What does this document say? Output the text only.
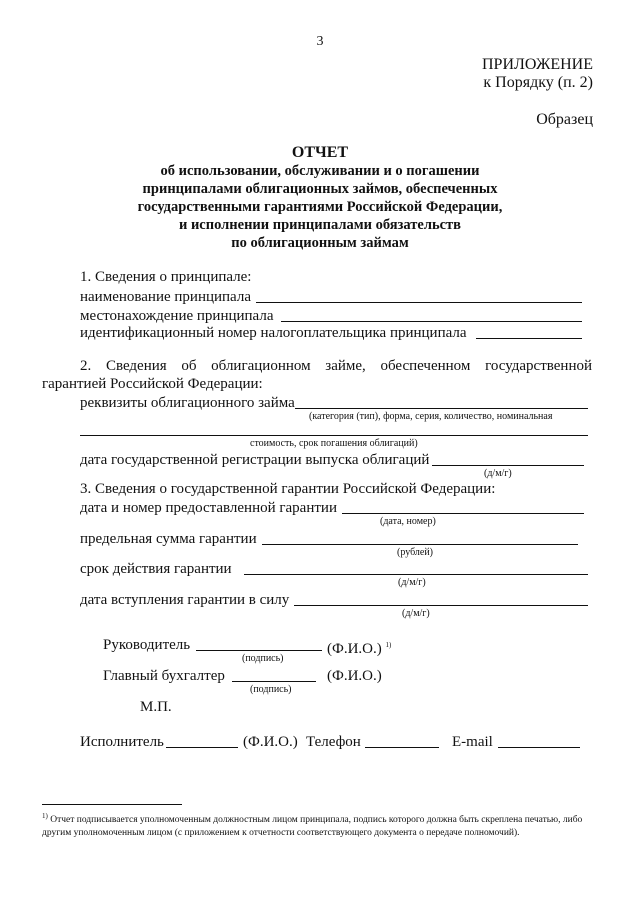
3
ПРИЛОЖЕНИЕ
к Порядку (п. 2)
Образец
ОТЧЕТ
об использовании, обслуживании и о погашении
принципалами облигационных займов, обеспеченных
государственными гарантиями Российской Федерации,
и исполнении принципалами обязательств
по облигационным займам
1. Сведения о принципале:
наименование принципала
местонахождение принципала
идентификационный номер налогоплательщика принципала
2. Сведения об облигационном займе, обеспеченном государственной
гарантией Российской Федерации:
реквизиты облигационного займа
(категория (тип), форма, серия, количество, номинальная
стоимость, срок погашения облигаций)
дата государственной регистрации выпуска облигаций
(д/м/г)
3. Сведения о государственной гарантии Российской Федерации:
дата и номер предоставленной гарантии
(дата, номер)
предельная сумма гарантии
(рублей)
срок действия гарантии
(д/м/г)
дата вступления гарантии в силу
(д/м/г)
Руководитель	(Ф.И.О.) $^{1)}$
(подпись)
Главный бухгалтер	(Ф.И.О.)
(подпись)
М.П.
Исполнитель	(Ф.И.О.) Телефон	E-mail
$^{1)}$ Отчет подписывается уполномоченным должностным лицом принципала, подпись которого должна быть скреплена печатью, либо другим уполномоченным лицом (с приложением к отчетности соответствующего документа о передаче полномочий).
